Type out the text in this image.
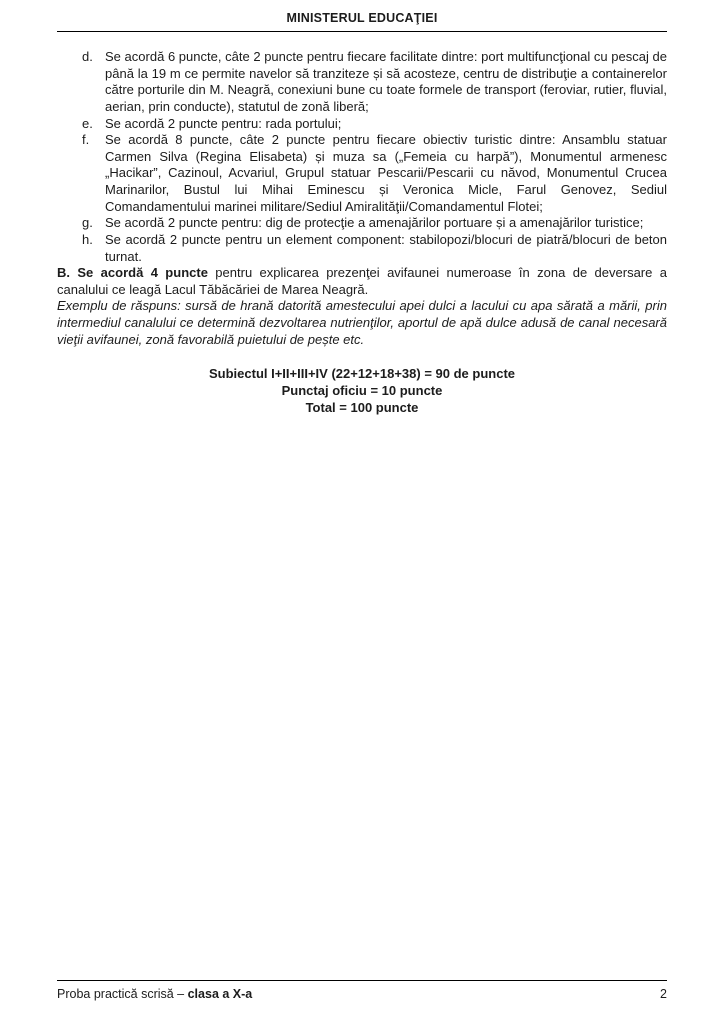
MINISTERUL EDUCAŢIEI
d. Se acordă 6 puncte, câte 2 puncte pentru fiecare facilitate dintre: port multifuncţional cu pescaj de până la 19 m ce permite navelor să tranziteze și să acosteze, centru de distribuţie a containerelor către porturile din M. Neagră, conexiuni bune cu toate formele de transport (feroviar, rutier, fluvial, aerian, prin conducte), statutul de zonă liberă;
e. Se acordă 2 puncte pentru: rada portului;
f.	Se acordă 8 puncte, câte 2 puncte pentru fiecare obiectiv turistic dintre: Ansamblu statuar Carmen Silva (Regina Elisabeta) și muza sa („Femeia cu harpă”), Monumentul armenesc „Hacikar”, Cazinoul, Acvariul, Grupul statuar Pescarii/Pescarii cu năvod, Monumentul Crucea Marinarilor, Bustul lui Mihai Eminescu și Veronica Micle, Farul Genovez, Sediul Comandamentului marinei militare/Sediul Amiralităţii/Comandamentul Flotei;
g. Se acordă 2 puncte pentru: dig de protecţie a amenajărilor portuare și a amenajărilor turistice;
h. Se acordă 2 puncte pentru un element component: stabilopozi/blocuri de piatră/blocuri de beton turnat.

B. Se acordă 4 puncte pentru explicarea prezenţei avifaunei numeroase în zona de deversare a canalului ce leagă Lacul Tăbăcăriei de Marea Neagră.

Exemplu de răspuns: sursă de hrană datorită amestecului apei dulci a lacului cu apa sărată a mării, prin intermediul canalului ce determină dezvoltarea nutrienţilor, aportul de apă dulce adusă de canal necesară vieţii avifaunei, zonă favorabilă puietului de pește etc.

Subiectul I+II+III+IV (22+12+18+38) = 90 de puncte

Punctaj oficiu = 10 puncte

Total = 100 puncte

Proba practică scrisă – clasa a X-a	2
